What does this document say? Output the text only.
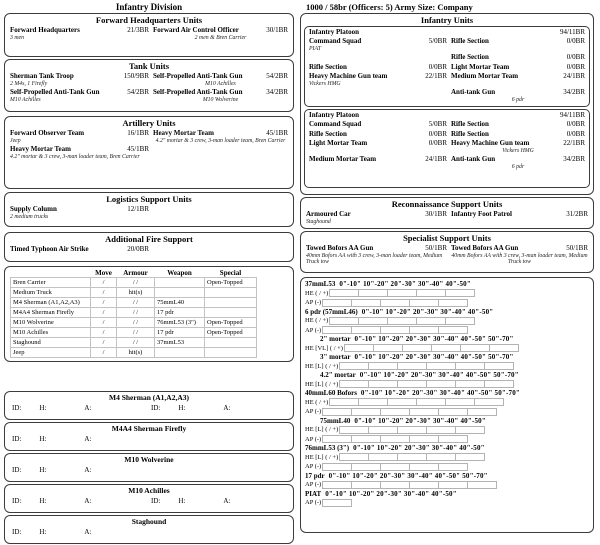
Infantry Division
Forward Headquarters Units
Forward Headquarters	21/3BR
3 men
Forward Air Control Officer	30/1BR
2 men & Bren Carrier
Tank Units
Sherman Tank Troop	150/9BR
2 M4s, 1 Firefly
Self-Propelled Anti-Tank Gun	54/2BR
M10 Achilles
Self-Propelled Anti-Tank Gun	54/2BR
M10 Achilles
Self-Propelled Anti-Tank Gun	34/2BR
M10 Wolverine
Artillery Units
Forward Observer Team	16/1BR
Jeep
Heavy Mortar Team	45/1BR
4.2" mortar & 3 crew, 3-man loader team, Bren Carrier
Heavy Mortar Team	45/1BR
4.2" mortar & 3 crew, 3-man loader team, Bren Carrier
Logistics Support Units
Supply Column	12/1BR
2 medium trucks
Additional Fire Support
Timed Typhoon Air Strike	20/0BR
	Move	Armour	Weapon	Special
Bren Carrier	/	/ /		Open-Topped
Medium Truck	/	hit(s)		
M4 Sherman (A1,A2,A3)	/	/ /	75mmL40	
M4A4 Sherman Firefly	/	/ /	17 pdr	
M10 Wolverine	/	/ /	76mmL53 (3")	Open-Topped
M10 Achilles	/	/ /	17 pdr	Open-Topped
Staghound	/	/ /	37mmL53	
Jeep	/	hit(s)		
M4 Sherman (A1,A2,A3)
ID:	H:	A:	ID:	H:	A:
M4A4 Sherman Firefly
ID:	H:	A:
M10 Wolverine
ID:	H:	A:
M10 Achilles
ID:	H:	A:	ID:	H:	A:
Staghound
ID:	H:	A:
1000 / 58br (Officers: 5) Army Size: Company
Infantry Units
Infantry Platoon	94/11BR
Command Squad	5/0BR
PIAT
Rifle Section	0/0BR
Rifle Section	0/0BR
Rifle Section	0/0BR Light Mortar Team	0/0BR
Heavy Machine Gun team	22/1BR
Vickers HMG
Medium Mortar Team	24/1BR
Anti-tank Gun	34/2BR
6 pdr
Infantry Platoon	94/11BR
Command Squad	5/0BR Rifle Section	0/0BR
Rifle Section	0/0BR Rifle Section	0/0BR
Light Mortar Team	0/0BR Heavy Machine Gun team	22/1BR
Vickers HMG
Medium Mortar Team	24/1BR Anti-tank Gun	34/2BR
6 pdr
Reconnaissance Support Units
Armoured Car	30/1BR
Staghound
Infantry Foot Patrol	31/2BR
Specialist Support Units
Towed Bofors AA Gun	50/1BR
40mm Bofors AA with 3 crew, 3-man loader team, Medium Truck tow
Towed Bofors AA Gun	50/1BR
40mm Bofors AA with 3 crew, 3-man loader team, Medium Truck tow
37mmL53 0"-10" 10"-20" 20"-30" 30"-40" 40"-50"
HE ( / +)
AP (-)
6 pdr (57mmL46) 0"-10" 10"-20" 20"-30" 30"-40" 40"-50"
HE ( / +)
AP (-)
2" mortar 0"-10" 10"-20" 20"-30" 30"-40" 40"-50" 50"-70"
HE [VL] ( / +)
3" mortar 0"-10" 10"-20" 20"-30" 30"-40" 40"-50" 50"-70"
HE [L] ( / +)
4.2" mortar 0"-10" 10"-20" 20"-30" 30"-40" 40"-50" 50"-70"
HE [L] ( / +)
40mmL60 Bofors 0"-10" 10"-20" 20"-30" 30"-40" 40"-50" 50"-70"
HE ( / +)
AP (-)
75mmL40 0"-10" 10"-20" 20"-30" 30"-40" 40"-50"
HE [L] ( / +)
AP (-)
76mmL53 (3") 0"-10" 10"-20" 20"-30" 30"-40" 40"-50"
HE [L] ( / +)
AP (-)
17 pdr 0"-10" 10"-20" 20"-30" 30"-40" 40"-50" 50"-70"
AP (-)
PIAT 0"-10" 10"-20" 20"-30" 30"-40" 40"-50"
AP (-)
